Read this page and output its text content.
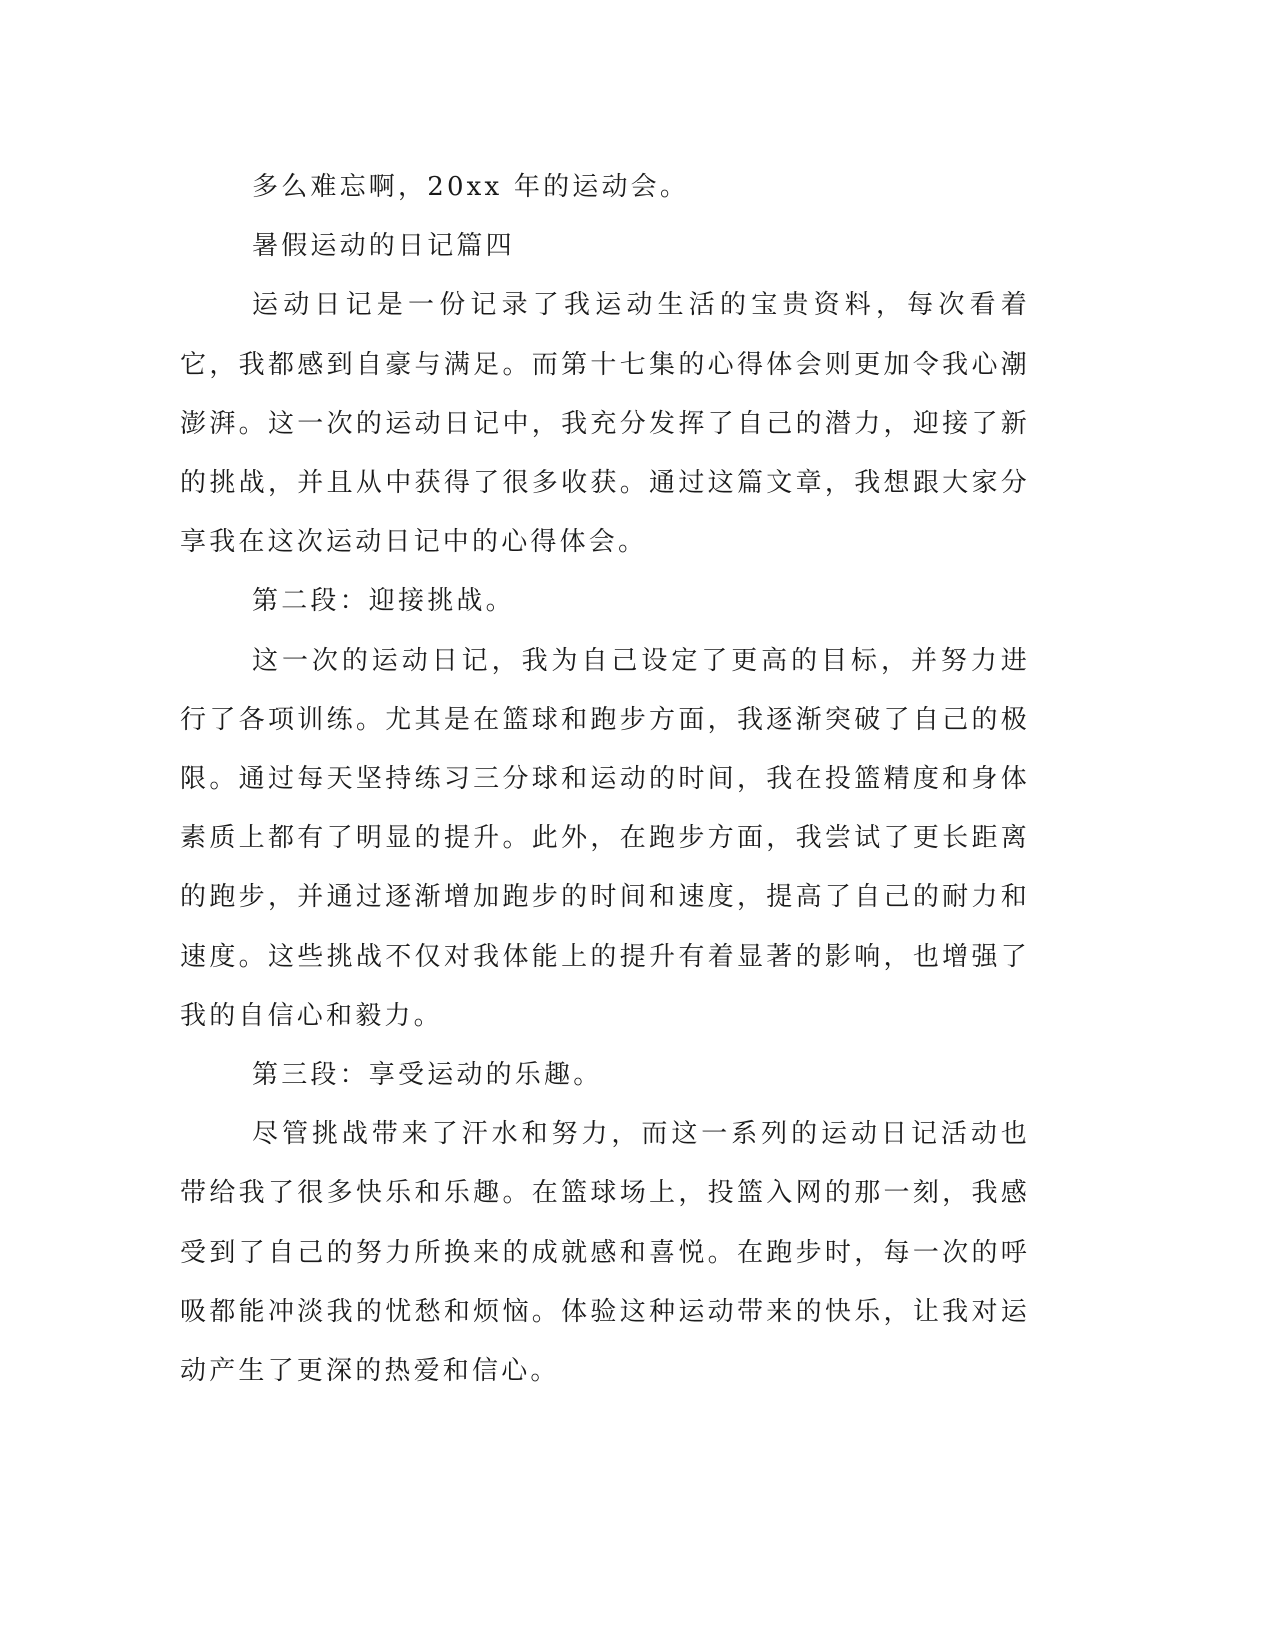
多么难忘啊，20xx 年的运动会。

暑假运动的日记篇四

运动日记是一份记录了我运动生活的宝贵资料，每次看着它，我都感到自豪与满足。而第十七集的心得体会则更加令我心潮澎湃。这一次的运动日记中，我充分发挥了自己的潜力，迎接了新的挑战，并且从中获得了很多收获。通过这篇文章，我想跟大家分享我在这次运动日记中的心得体会。

第二段：迎接挑战。

这一次的运动日记，我为自己设定了更高的目标，并努力进行了各项训练。尤其是在篮球和跑步方面，我逐渐突破了自己的极限。通过每天坚持练习三分球和运动的时间，我在投篮精度和身体素质上都有了明显的提升。此外，在跑步方面，我尝试了更长距离的跑步，并通过逐渐增加跑步的时间和速度，提高了自己的耐力和速度。这些挑战不仅对我体能上的提升有着显著的影响，也增强了我的自信心和毅力。

第三段：享受运动的乐趣。

尽管挑战带来了汗水和努力，而这一系列的运动日记活动也带给我了很多快乐和乐趣。在篮球场上，投篮入网的那一刻，我感受到了自己的努力所换来的成就感和喜悦。在跑步时，每一次的呼吸都能冲淡我的忧愁和烦恼。体验这种运动带来的快乐，让我对运动产生了更深的热爱和信心。
